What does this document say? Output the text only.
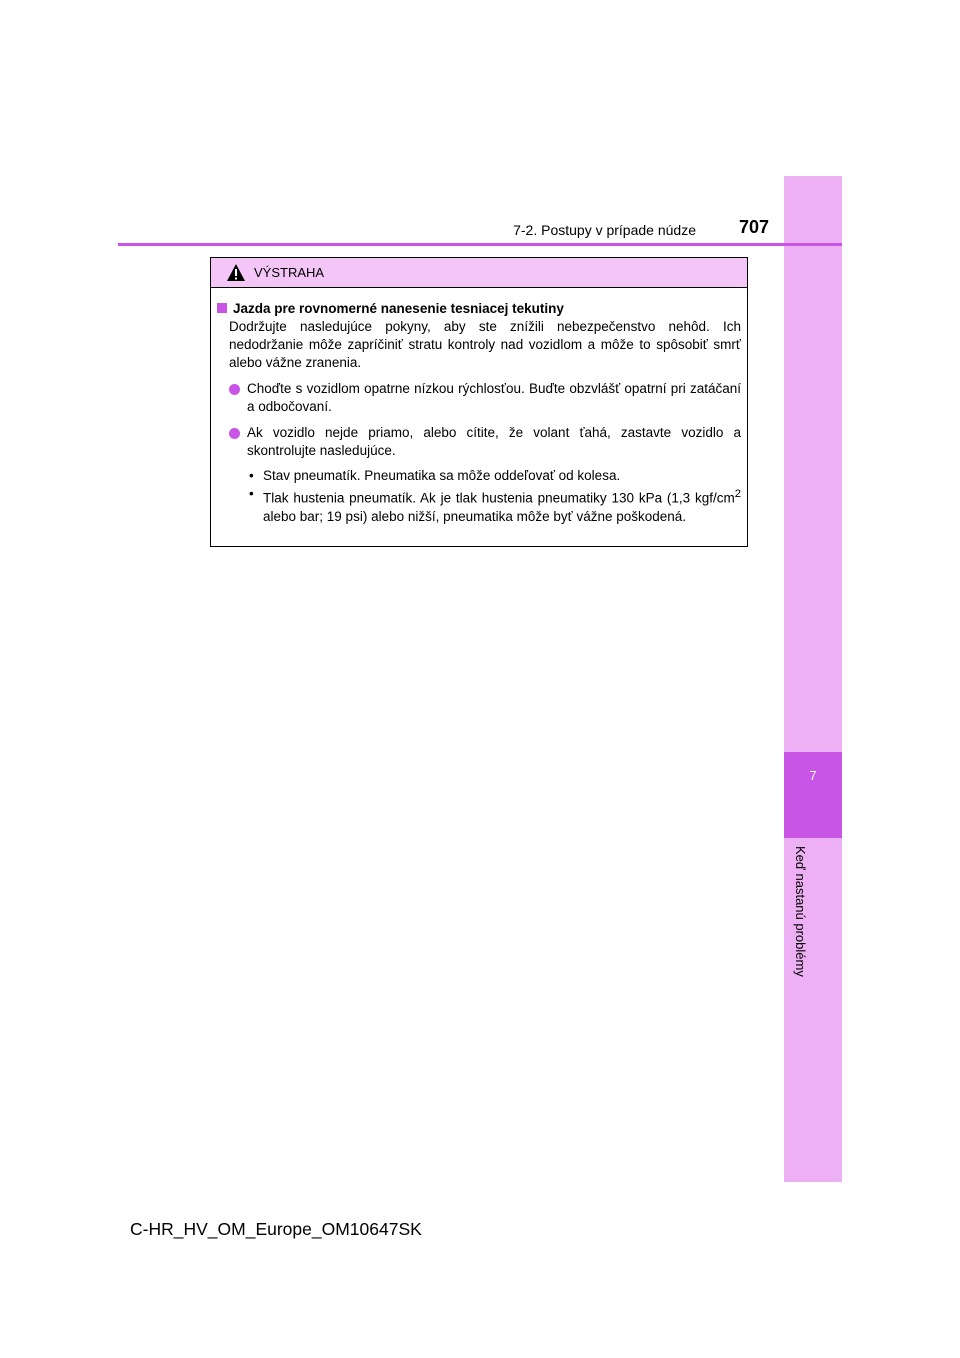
7
Keď nastanú problémy
7-2. Postupy v prípade núdze 707
VÝSTRAHA

Jazda pre rovnomerné nanesenie tesniacej tekutiny

Dodržujte nasledujúce pokyny, aby ste znížili nebezpečenstvo nehôd. Ich nedodržanie môže zapríčiniť stratu kontroly nad vozidlom a môže to spôsobiť smrť alebo vážne zranenia.

Choďte s vozidlom opatrne nízkou rýchlosťou. Buďte obzvlášť opatrní pri zatáčaní a odbočovaní.
Ak vozidlo nejde priamo, alebo cítite, že volant ťahá, zastavte vozidlo a skontrolujte nasledujúce.
• Stav pneumatík. Pneumatika sa môže oddeľovať od kolesa.
• Tlak hustenia pneumatík. Ak je tlak hustenia pneumatiky 130 kPa (1,3 kgf/$cm^2$ alebo bar; 19 psi) alebo nižší, pneumatika môže byť vážne poškodená.
C-HR_HV_OM_Europe_OM10647SK
